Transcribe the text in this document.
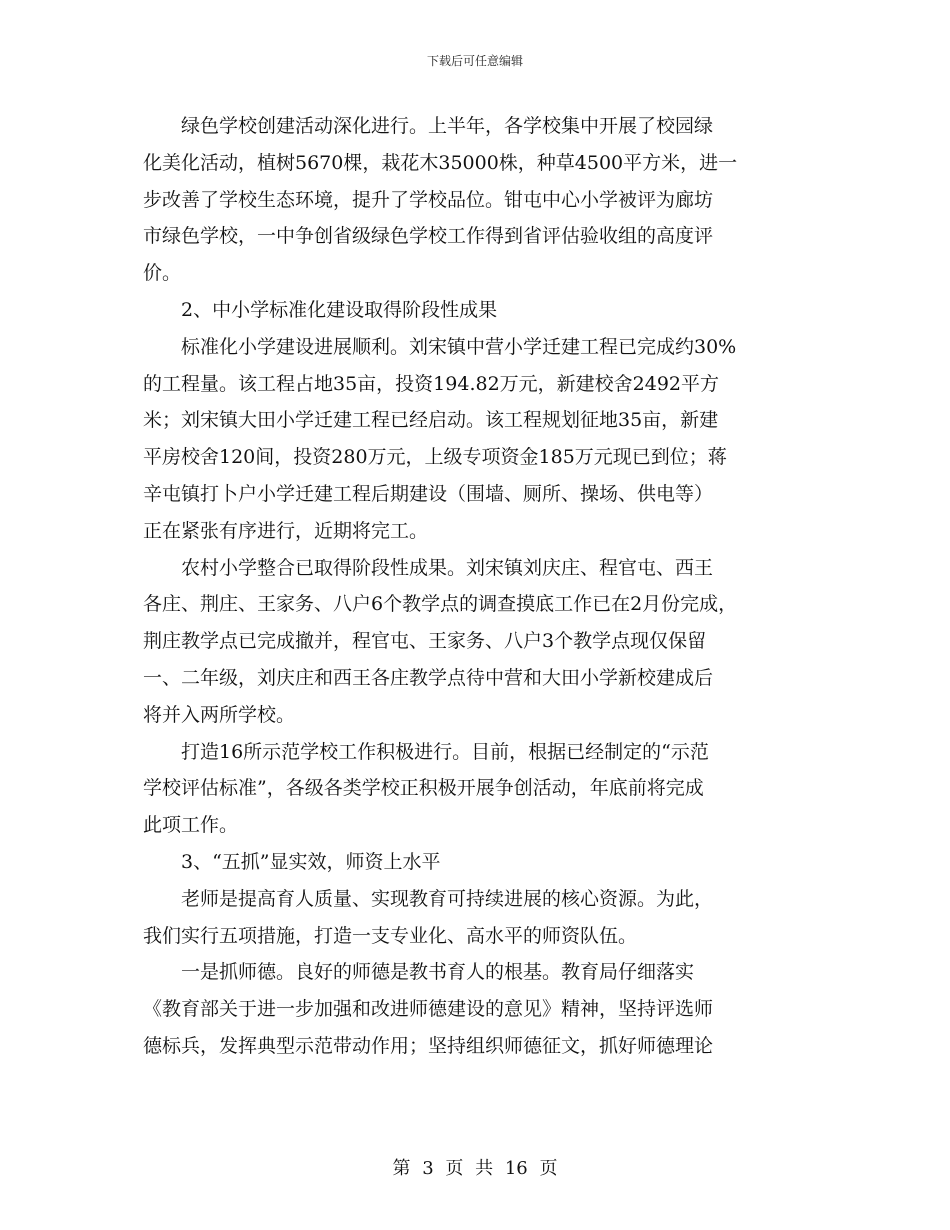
下载后可任意编辑

　　绿色学校创建活动深化进行。上半年，各学校集中开展了校园绿

化美化活动，植树5670棵，栽花木35000株，种草4500平方米，进一

步改善了学校生态环境，提升了学校品位。钳屯中心小学被评为廊坊

市绿色学校，一中争创省级绿色学校工作得到省评估验收组的高度评

价。

　　2、中小学标准化建设取得阶段性成果

　　标准化小学建设进展顺利。刘宋镇中营小学迁建工程已完成约30%

的工程量。该工程占地35亩，投资194.82万元，新建校舍2492平方

米；刘宋镇大田小学迁建工程已经启动。该工程规划征地35亩，新建

平房校舍120间，投资280万元，上级专项资金185万元现已到位；蒋

辛屯镇打卜户小学迁建工程后期建设（围墙、厕所、操场、供电等）

正在紧张有序进行，近期将完工。

　　农村小学整合已取得阶段性成果。刘宋镇刘庆庄、程官屯、西王

各庄、荆庄、王家务、八户6个教学点的调查摸底工作已在2月份完成，

荆庄教学点已完成撤并，程官屯、王家务、八户3个教学点现仅保留

一、二年级，刘庆庄和西王各庄教学点待中营和大田小学新校建成后

将并入两所学校。

　　打造16所示范学校工作积极进行。目前，根据已经制定的“示范

学校评估标准”，各级各类学校正积极开展争创活动，年底前将完成

此项工作。

　　3、“五抓”显实效，师资上水平

　　老师是提高育人质量、实现教育可持续进展的核心资源。为此，

我们实行五项措施，打造一支专业化、高水平的师资队伍。

　　一是抓师德。良好的师德是教书育人的根基。教育局仔细落实

《教育部关于进一步加强和改进师德建设的意见》精神，坚持评选师

德标兵，发挥典型示范带动作用；坚持组织师德征文，抓好师德理论

第 3 页 共 16 页
